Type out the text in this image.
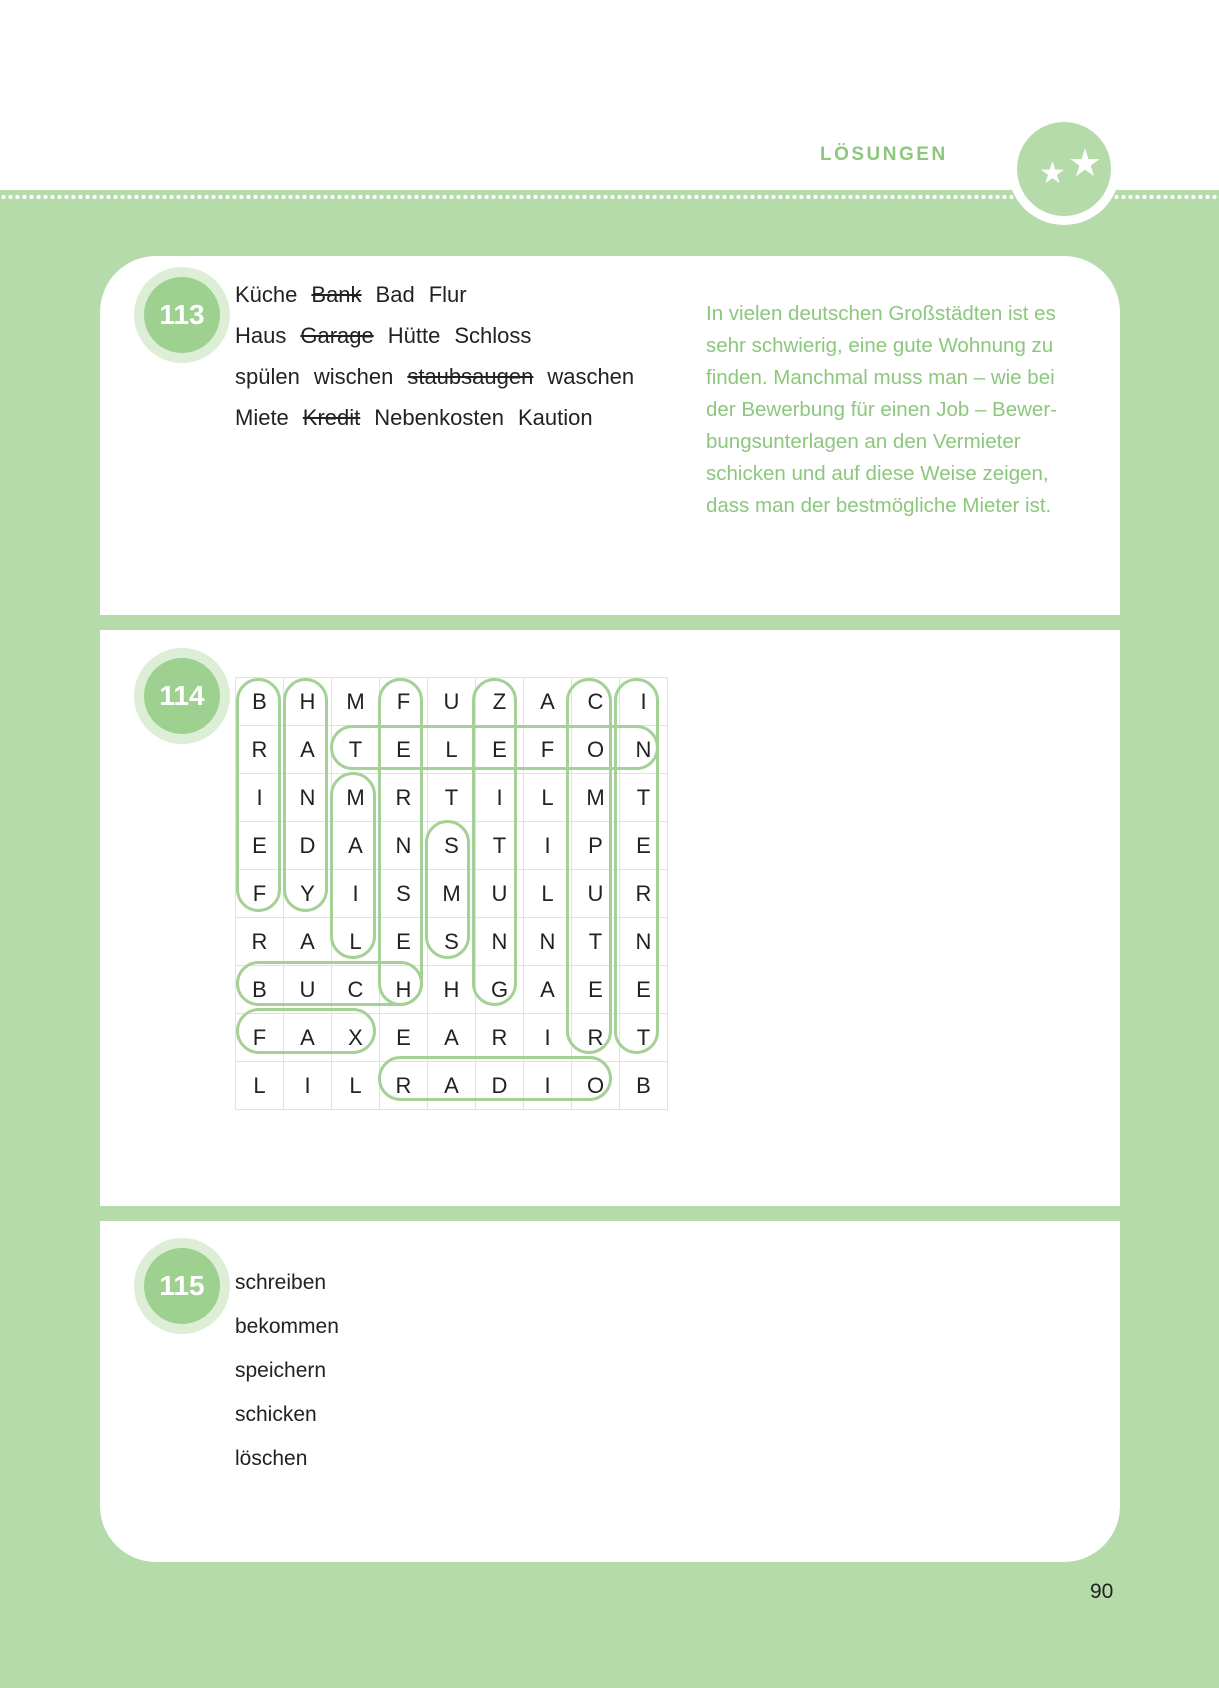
LÖSUNGEN
★ ★
113
Küche Bank Bad Flur
Haus Garage Hütte Schloss
spülen wischen staubsaugen waschen
Miete Kredit Nebenkosten Kaution
In vielen deutschen Großstädten ist es
sehr schwierig, eine gute Wohnung zu
finden. Manchmal muss man – wie bei
der Bewerbung für einen Job – Bewer-
bungsunterlagen an den Vermieter
schicken und auf diese Weise zeigen,
dass man der bestmögliche Mieter ist.
114	B	H	M	F	U	Z	A	C	I
R	A	T	E	L	E	F	O	N
I	N	M	R	T	I	L	M	T
E	D	A	N	S	T	I	P	E
F	Y	I	S	M	U	L	U	R
R	A	L	E	S	N	N	T	N
B	U	C	H	H	G	A	E	E
F	A	X	E	A	R	I	R	T
L	I	L	R	A	D	I	O	B
115	schreiben
bekommen
speichern
schicken
löschen
90
